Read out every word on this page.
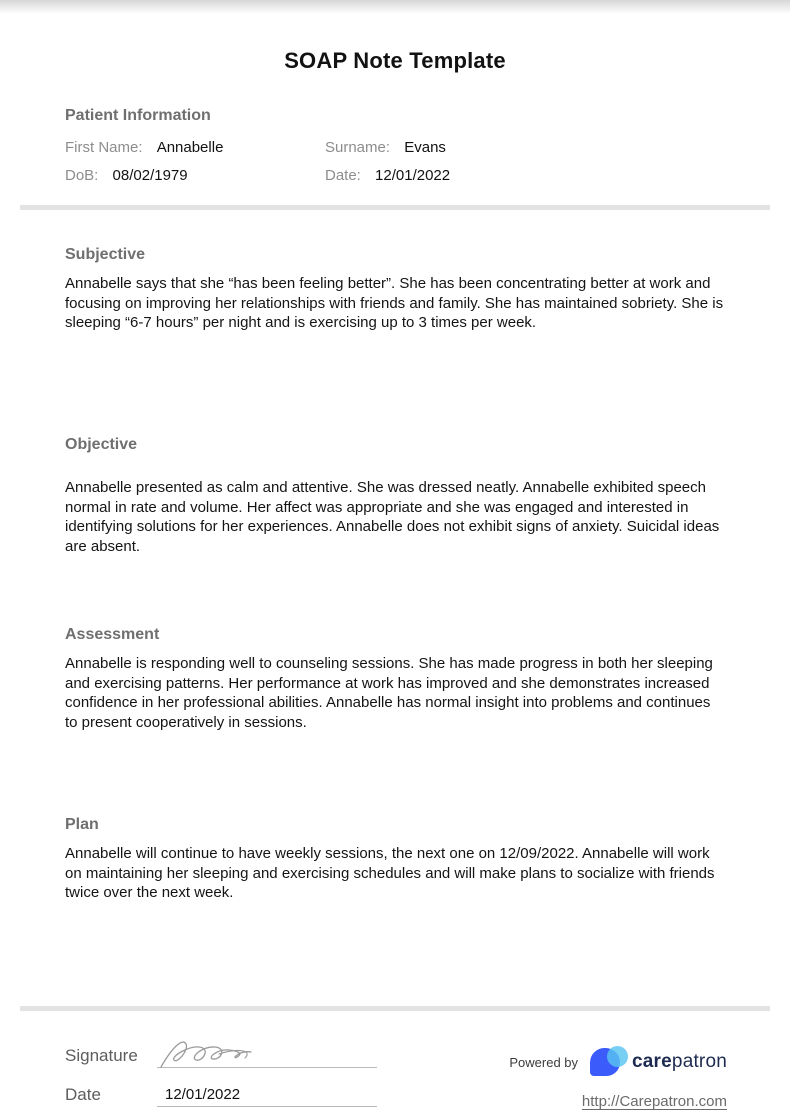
SOAP Note Template
Patient Information
First Name: Annabelle	Surname: Evans
DoB: 08/02/1979	Date: 12/01/2022
Subjective
Annabelle says that she “has been feeling better”. She has been concentrating better at work and focusing on improving her relationships with friends and family. She has maintained sobriety. She is sleeping “6-7 hours” per night and is exercising up to 3 times per week.
Objective
Annabelle presented as calm and attentive. She was dressed neatly. Annabelle exhibited speech normal in rate and volume. Her affect was appropriate and she was engaged and interested in identifying solutions for her experiences. Annabelle does not exhibit signs of anxiety. Suicidal ideas are absent.
Assessment
Annabelle is responding well to counseling sessions. She has made progress in both her sleeping and exercising patterns. Her performance at work has improved and she demonstrates increased confidence in her professional abilities. Annabelle has normal insight into problems and continues to present cooperatively in sessions.
Plan
Annabelle will continue to have weekly sessions, the next one on 12/09/2022. Annabelle will work on maintaining her sleeping and exercising schedules and will make plans to socialize with friends twice over the next week.
Signature
Date	12/01/2022
Powered by	carepatron
http://Carepatron.com
